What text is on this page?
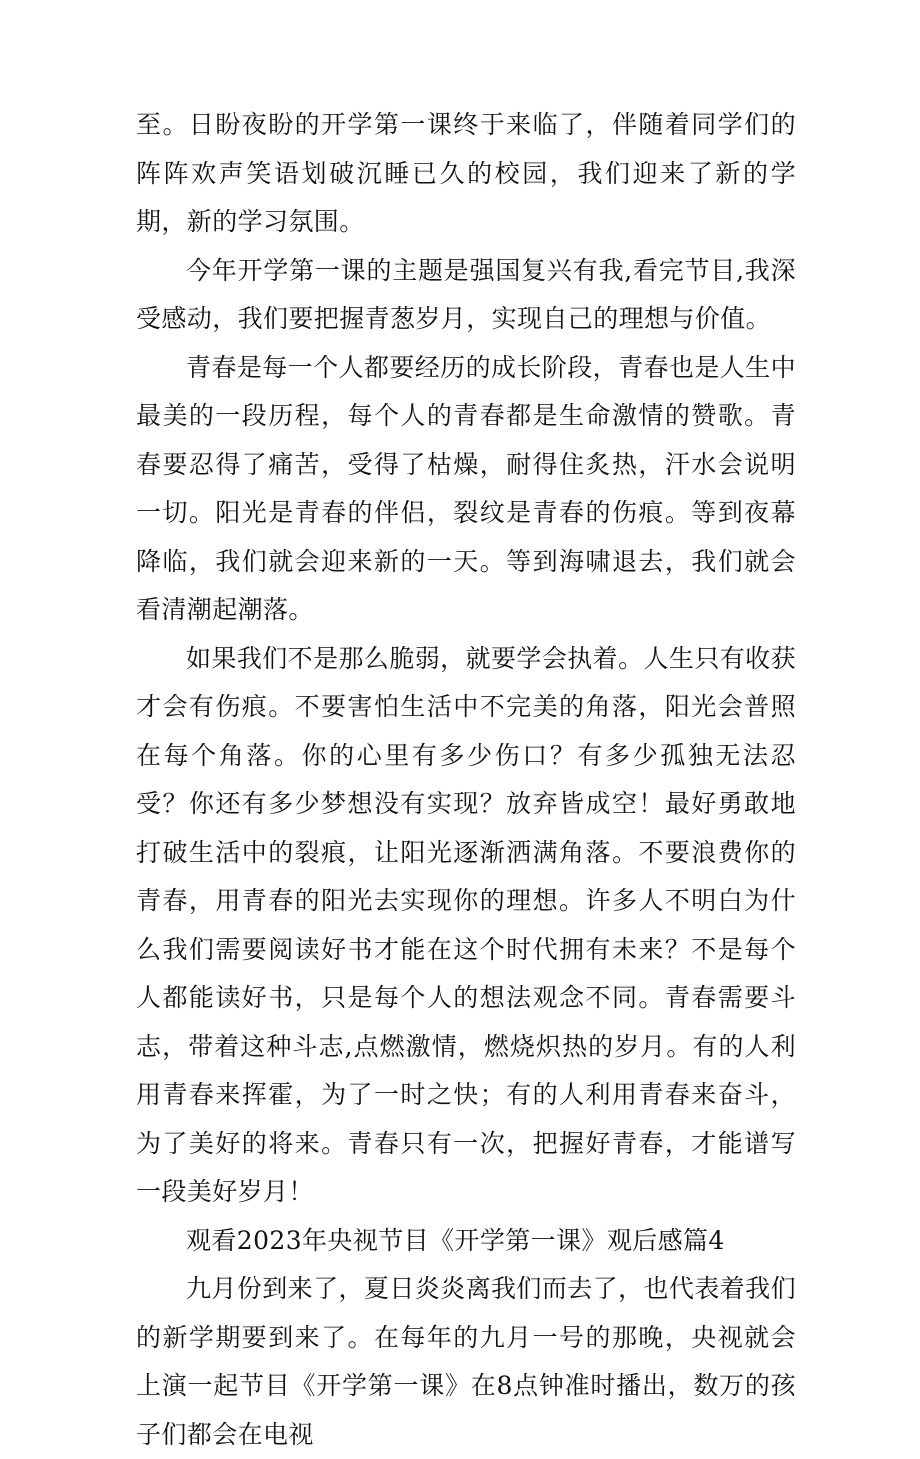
至。日盼夜盼的开学第一课终于来临了，伴随着同学们的阵阵欢声笑语划破沉睡已久的校园，我们迎来了新的学期，新的学习氛围。

今年开学第一课的主题是强国复兴有我,看完节目,我深受感动，我们要把握青葱岁月，实现自己的理想与价值。

青春是每一个人都要经历的成长阶段，青春也是人生中最美的一段历程，每个人的青春都是生命激情的赞歌。青春要忍得了痛苦，受得了枯燥，耐得住炙热，汗水会说明一切。阳光是青春的伴侣，裂纹是青春的伤痕。等到夜幕降临，我们就会迎来新的一天。等到海啸退去，我们就会看清潮起潮落。

如果我们不是那么脆弱，就要学会执着。人生只有收获才会有伤痕。不要害怕生活中不完美的角落，阳光会普照在每个角落。你的心里有多少伤口？有多少孤独无法忍受？你还有多少梦想没有实现？放弃皆成空！最好勇敢地打破生活中的裂痕，让阳光逐渐洒满角落。不要浪费你的青春，用青春的阳光去实现你的理想。许多人不明白为什么我们需要阅读好书才能在这个时代拥有未来？不是每个人都能读好书，只是每个人的想法观念不同。青春需要斗志，带着这种斗志,点燃激情，燃烧炽热的岁月。有的人利用青春来挥霍，为了一时之快；有的人利用青春来奋斗，为了美好的将来。青春只有一次，把握好青春，才能谱写一段美好岁月！

观看2023年央视节目《开学第一课》观后感篇4

九月份到来了，夏日炎炎离我们而去了，也代表着我们的新学期要到来了。在每年的九月一号的那晚，央视就会上演一起节目《开学第一课》在8点钟准时播出，数万的孩子们都会在电视
